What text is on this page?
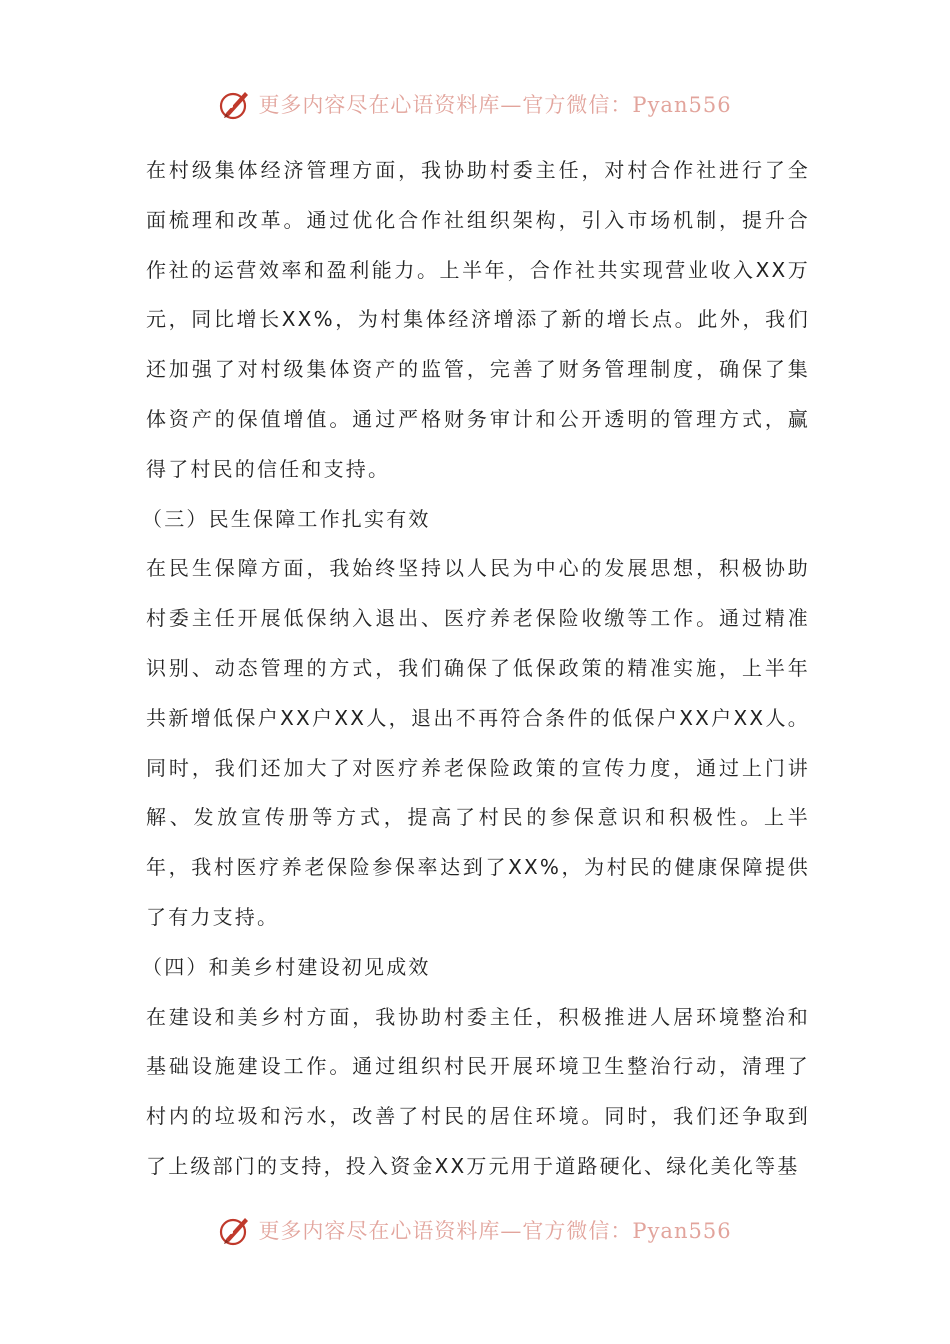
更多内容尽在心语资料库—官方微信：Pyan556

在村级集体经济管理方面，我协助村委主任，对村合作社进行了全面梳理和改革。通过优化合作社组织架构，引入市场机制，提升合作社的运营效率和盈利能力。上半年，合作社共实现营业收入XX万元，同比增长XX%，为村集体经济增添了新的增长点。此外，我们还加强了对村级集体资产的监管，完善了财务管理制度，确保了集体资产的保值增值。通过严格财务审计和公开透明的管理方式，赢得了村民的信任和支持。

（三）民生保障工作扎实有效

在民生保障方面，我始终坚持以人民为中心的发展思想，积极协助村委主任开展低保纳入退出、医疗养老保险收缴等工作。通过精准识别、动态管理的方式，我们确保了低保政策的精准实施，上半年共新增低保户XX户XX人，退出不再符合条件的低保户XX户XX人。同时，我们还加大了对医疗养老保险政策的宣传力度，通过上门讲解、发放宣传册等方式，提高了村民的参保意识和积极性。上半年，我村医疗养老保险参保率达到了XX%，为村民的健康保障提供了有力支持。

（四）和美乡村建设初见成效

在建设和美乡村方面，我协助村委主任，积极推进人居环境整治和基础设施建设工作。通过组织村民开展环境卫生整治行动，清理了村内的垃圾和污水，改善了村民的居住环境。同时，我们还争取到了上级部门的支持，投入资金XX万元用于道路硬化、绿化美化等基

更多内容尽在心语资料库—官方微信：Pyan556
